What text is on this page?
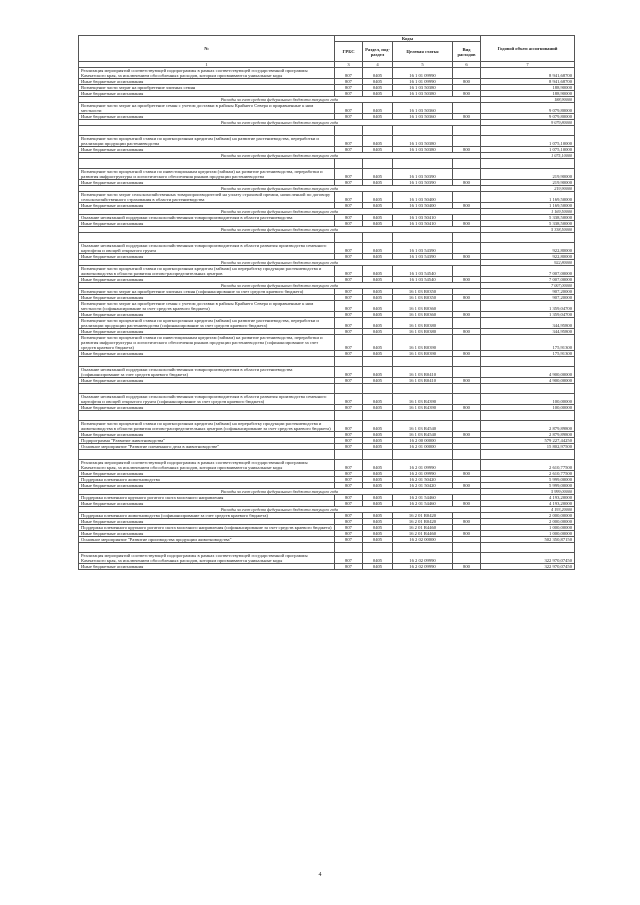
№	Коды				Годовой объем ассигнований
	ГРБС	Раздел, под-раздел	Целевая статья	Вид расходов	
1	3	4	5	6	7
Реализация мероприятий соответствующей подпрограммы в рамках соответствующей государственной программы Камчатского края, за исключением обособленных расходов, которым присваиваются уникальные коды	807	0405	16 1 01 09990		8 941,68700
Иные бюджетные ассигнования	807	0405	16 1 01 09990	800	8 941,68700
Возмещение части затрат на приобретение элитных семян	807	0405	16 1 03 50380		188,90000
Иные бюджетные ассигнования	807	0405	16 1 03 50380	800	188,90000
Расходы за счет средств федерального бюджета текущего года					188,90000
Возмещение части затрат на приобретение семян с учетом доставки в районы Крайнего Севера и приравненные к ним местности	807	0405	16 1 03 50360		9 079,80000
Иные бюджетные ассигнования	807	0405	16 1 03 50360	800	9 079,80000
Расходы за счет средств федерального бюджета текущего года					9 079,80000

Возмещение части процентной ставки по краткосрочным кредитам (займам) на развитие растениеводства, переработки и реализации продукции растениеводства	807	0405	16 1 03 50380		1 075,10000
Иные бюджетные ассигнования	807	0405	16 1 03 50380	800	1 075,10000
Расходы за счет средств федерального бюджета текущего года					1 075,10000

Возмещение части процентной ставки по инвестиционным кредитам (займам) на развитие растениеводства, переработки и развития инфраструктуры и логистического обеспечения рынков продукции растениеводства	807	0405	16 1 03 50390		219,90000
Иные бюджетные ассигнования	807	0405	16 1 03 50390	800	219,90000
Расходы за счет средств федерального бюджета текущего года					219,90000
Возмещение части затрат сельскохозяйственных товаропроизводителей на уплату страховой премии, начисленной по договору сельскохозяйственного страхования в области растениеводства	807	0405	16 1 03 50400		1 169,50000
Иные бюджетные ассигнования	807	0405	16 1 03 50400	800	1 169,50000
Расходы за счет средств федерального бюджета текущего года					1 169,50000
Оказание несвязанной поддержки сельскохозяйственным товаропроизводителям в области растениеводства	807	0405	16 1 03 50410		5 338,50000
Иные бюджетные ассигнования	807	0405	16 1 03 50410	800	5 338,50000
Расходы за счет средств федерального бюджета текущего года					5 338,50000

Оказание несвязанной поддержки сельскохозяйственным товаропроизводителям в области развития производства семенного картофеля и овощей открытого грунта	807	0405	16 1 03 54390		922,80000
Иные бюджетные ассигнования	807	0405	16 1 03 54390	800	922,80000
Расходы за счет средств федерального бюджета текущего года					922,80000
Возмещение части процентной ставки по краткосрочным кредитам (займам) на переработку продукции растениеводства и животноводства в области развития оптово-распределительных центров	807	0405	16 1 03 54540		7 007,00000
Иные бюджетные ассигнования	807	0405	16 1 03 54540	800	7 007,00000
Расходы за счет средств федерального бюджета текущего года					7 007,00000
Возмещение части затрат на приобретение элитных семян (софинансирование за счет средств краевого бюджета)	807	0405	16 1 03 R0350		907,20000
Иные бюджетные ассигнования	807	0405	16 1 03 R0350	800	907,20000
Возмещение части затрат на приобретение семян с учетом доставки в районы Крайнего Севера и приравненные к ним местности (софинансирование за счет средств краевого бюджета)	807	0405	16 1 03 R0360		1 359,04700
Иные бюджетные ассигнования	807	0405	16 1 03 R0360	800	1 359,04700
Возмещение части процентной ставки по краткосрочным кредитам (займам) на развитие растениеводства, переработки и реализации продукции растениеводства (софинансирование за счет средств краевого бюджета)	807	0405	16 1 03 R0380		344,95800
Иные бюджетные ассигнования	807	0405	16 1 03 R0380	800	344,95800
Возмещение части процентной ставки по инвестиционным кредитам (займам) на развитие растениеводства, переработки и развития инфраструктуры и логистического обеспечения рынков продукции растениеводства (софинансирование за счет средств краевого бюджета)	807	0405	16 1 03 R0390		175,91300
Иные бюджетные ассигнования	807	0405	16 1 03 R0390	800	175,91300

Оказание несвязанной поддержки сельскохозяйственным товаропроизводителям в области растениеводства (софинансирование за счет средств краевого бюджета)	807	0405	16 1 03 R0410		4 900,00000
Иные бюджетные ассигнования	807	0405	16 1 03 R0410	800	4 900,00000

Оказание несвязанной поддержки сельскохозяйственным товаропроизводителям в области развития производства семенного картофеля и овощей открытого грунта (софинансирование за счет средств краевого бюджета)	807	0405	16 1 03 R4390		100,00000
Иные бюджетные ассигнования	807	0405	16 1 03 R4390	800	100,00000

Возмещение части процентной ставки по краткосрочным кредитам (займам) на переработку продукции растениеводства и животноводства в области развития оптово-распределительных центров (софинансирование за счет средств краевого бюджета)	807	0405	16 1 03 R4540		2 879,89800
Иные бюджетные ассигнования	807	0405	16 1 03 R4540	800	2 879,89800
Подпрограмма "Развитие животноводства"	807	0405	16 2 00 00000		579 227,44250
Основное мероприятие "Развитие племенного дела в животноводстве"	807	0405	16 2 01 00000		15 802,97500

Реализация мероприятий соответствующей подпрограммы в рамках соответствующей государственной программы Камчатского края, за исключением обособленных расходов, которым присваиваются уникальные коды	807	0405	16 2 01 09990		2 610,77500
Иные бюджетные ассигнования	807	0405	16 2 01 09990	800	2 610,77500
Поддержка племенного животноводства	807	0405	16 2 01 50420		5 999,00000
Иные бюджетные ассигнования	807	0405	16 2 01 50420	800	5 999,00000
Расходы за счет средств федерального бюджета текущего года					5 999,00000
Поддержка племенного крупного рогатого скота молочного направления	807	0405	16 2 01 54460		4 193,20000
Иные бюджетные ассигнования	807	0405	16 2 01 54460	800	4 193,20000
Расходы за счет средств федерального бюджета текущего года					4 193,20000
Поддержка племенного животноводства (софинансирование за счет средств краевого бюджета)	807	0405	16 2 01 R0420		2 000,00000
Иные бюджетные ассигнования	807	0405	16 2 01 R0420	800	2 000,00000
Поддержка племенного крупного рогатого скота молочного направления (софинансирование за счет средств краевого бюджета)	807	0405	16 2 01 R4460		1 000,00000
Иные бюджетные ассигнования	807	0405	16 2 01 R4460	800	1 000,00000
Основное мероприятие "Развитие производства продукции животноводства"	807	0405	16 2 02 00000		502 350,87150

Реализация мероприятий соответствующей подпрограммы в рамках соответствующей государственной программы Камчатского края, за исключением обособленных расходов, которым присваиваются уникальные коды	807	0405	16 2 02 09990		322 970,07450
Иные бюджетные ассигнования	807	0405	16 2 02 09990	800	322 970,07450
4
